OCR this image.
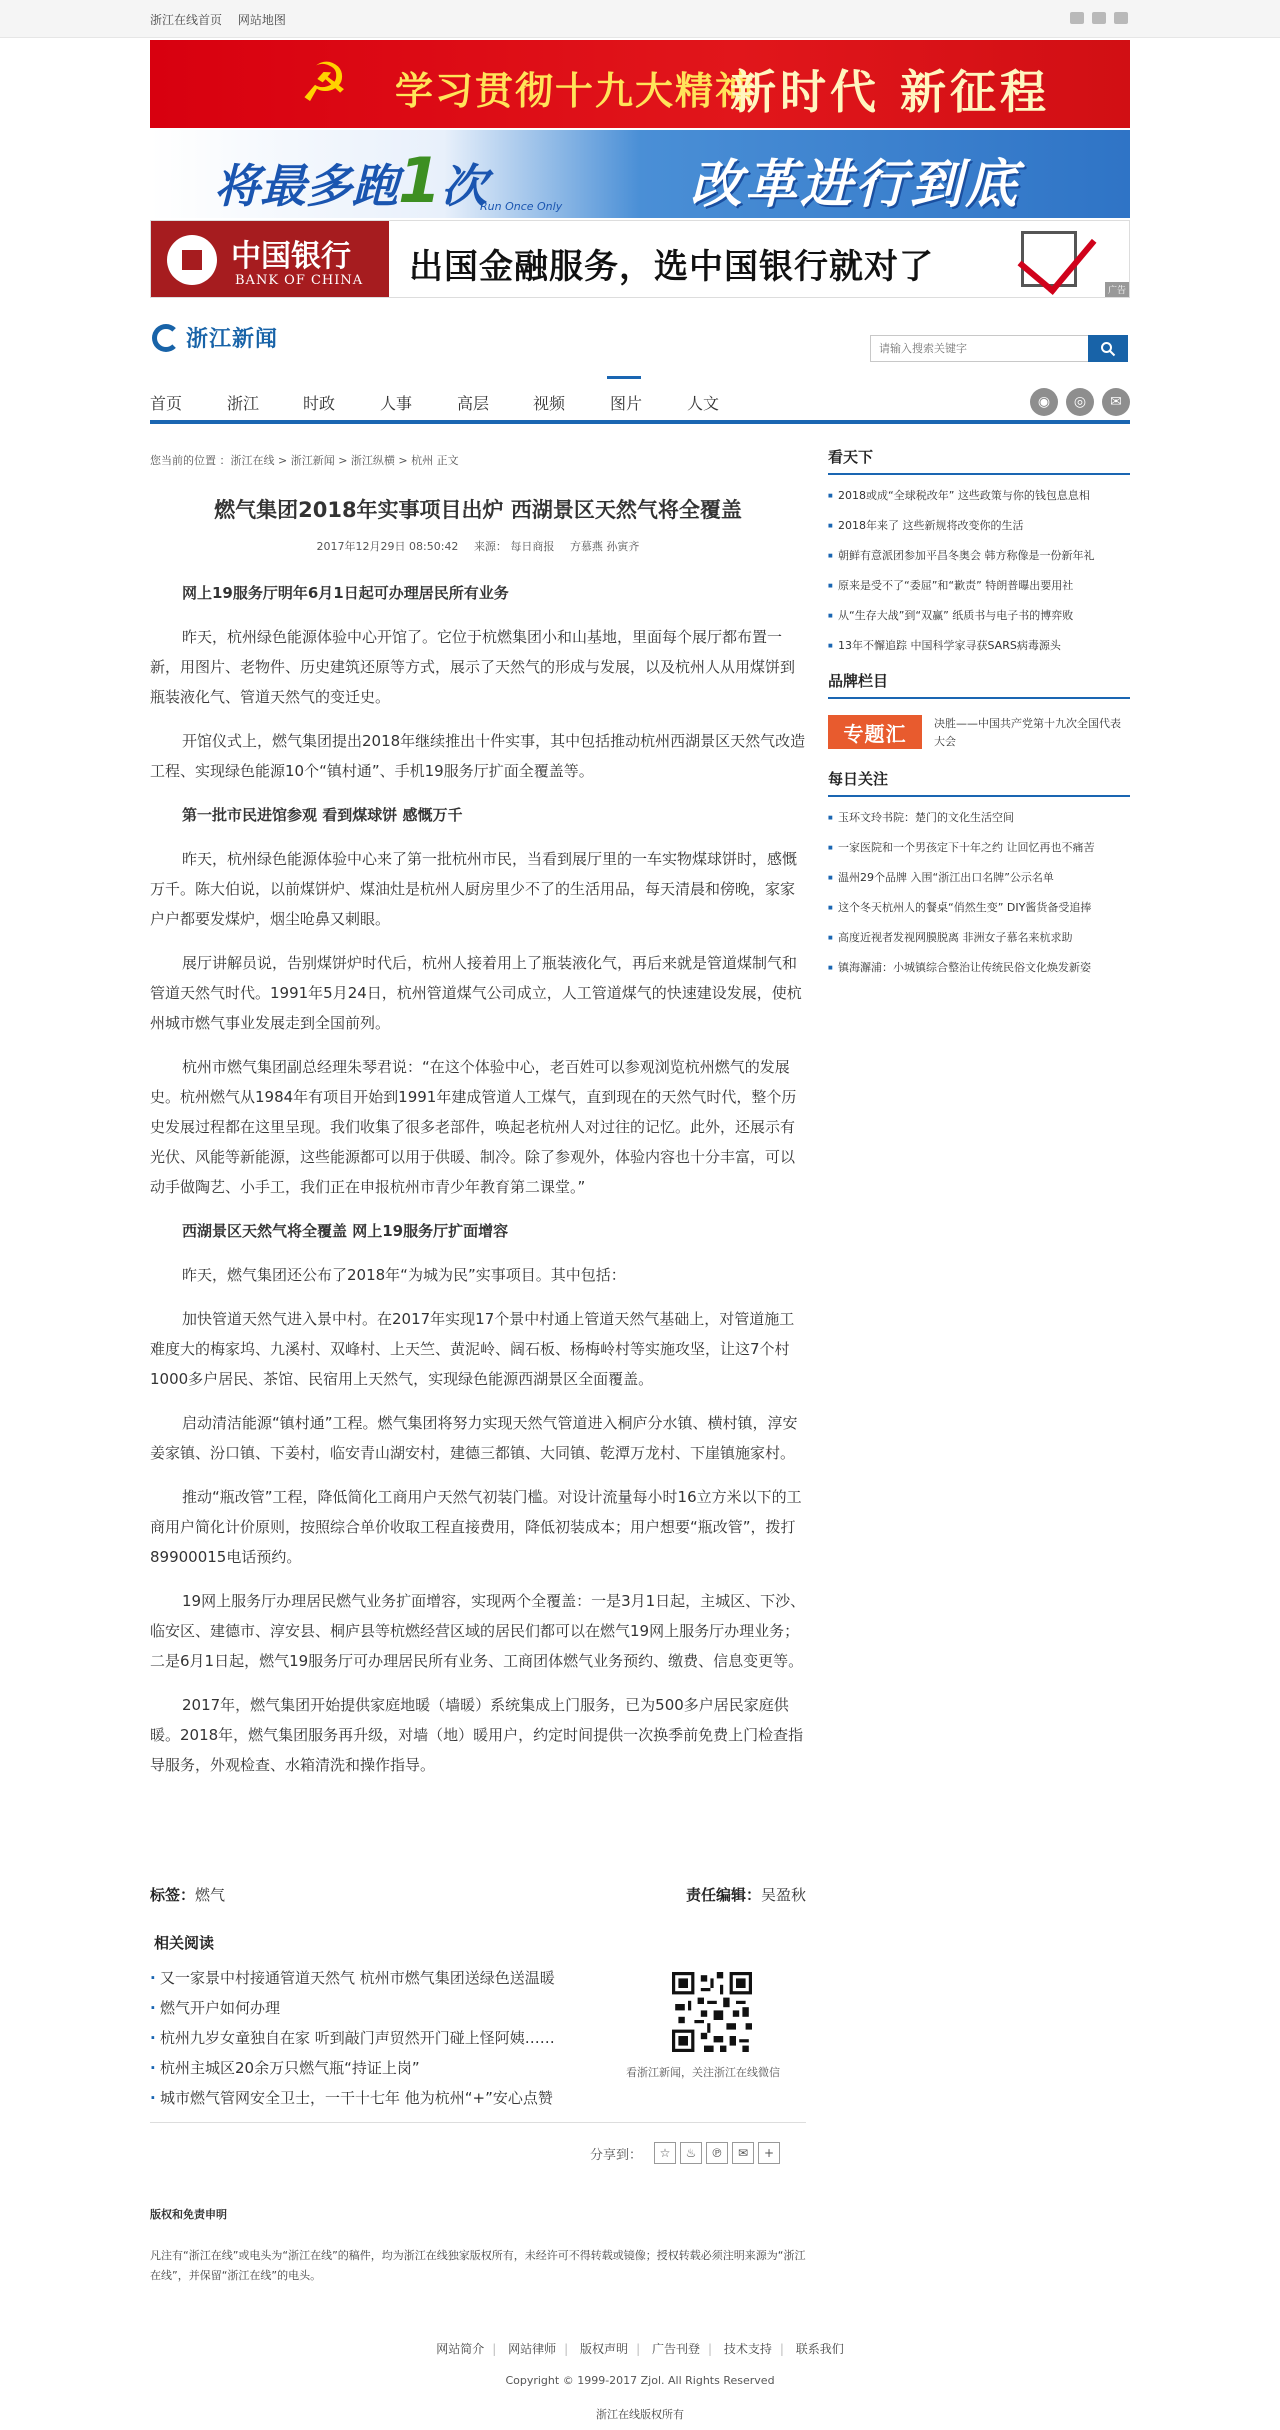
浙江在线首页 网站地图
☭ 学习贯彻十九大精神
新时代 新征程
将最多跑1次
Run Once Only 改革进行到底
中国银行
BANK OF CHINA 出国金融服务，选中国银行就对了
广告
浙江新闻
请输入搜索关键字
首页	浙江	时政	人事	高层	视频	图片	人文	◉	◎	✉
您当前的位置 ：浙江在线 > 浙江新闻 > 浙江纵横 > 杭州 正文
燃气集团2018年实事项目出炉 西湖景区天然气将全覆盖
2017年12月29日 08:50:42 来源： 每日商报 方慕燕 孙寅齐

网上19服务厅明年6月1日起可办理居民所有业务

昨天，杭州绿色能源体验中心开馆了。它位于杭燃集团小和山基地，里面每个展厅都布置一新，用图片、老物件、历史建筑还原等方式，展示了天然气的形成与发展，以及杭州人从用煤饼到瓶装液化气、管道天然气的变迁史。

开馆仪式上，燃气集团提出2018年继续推出十件实事，其中包括推动杭州西湖景区天然气改造工程、实现绿色能源10个“镇村通”、手机19服务厅扩面全覆盖等。

第一批市民进馆参观 看到煤球饼 感慨万千

昨天，杭州绿色能源体验中心来了第一批杭州市民，当看到展厅里的一车实物煤球饼时，感慨万千。陈大伯说，以前煤饼炉、煤油灶是杭州人厨房里少不了的生活用品，每天清晨和傍晚，家家户户都要发煤炉，烟尘呛鼻又刺眼。

展厅讲解员说，告别煤饼炉时代后，杭州人接着用上了瓶装液化气，再后来就是管道煤制气和管道天然气时代。1991年5月24日，杭州管道煤气公司成立，人工管道煤气的快速建设发展，使杭州城市燃气事业发展走到全国前列。

杭州市燃气集团副总经理朱琴君说：“在这个体验中心，老百姓可以参观浏览杭州燃气的发展史。杭州燃气从1984年有项目开始到1991年建成管道人工煤气，直到现在的天然气时代，整个历史发展过程都在这里呈现。我们收集了很多老部件，唤起老杭州人对过往的记忆。此外，还展示有光伏、风能等新能源，这些能源都可以用于供暖、制冷。除了参观外，体验内容也十分丰富，可以动手做陶艺、小手工，我们正在申报杭州市青少年教育第二课堂。”

西湖景区天然气将全覆盖 网上19服务厅扩面增容

昨天，燃气集团还公布了2018年“为城为民”实事项目。其中包括：

加快管道天然气进入景中村。在2017年实现17个景中村通上管道天然气基础上，对管道施工难度大的梅家坞、九溪村、双峰村、上天竺、黄泥岭、阔石板、杨梅岭村等实施攻坚，让这7个村1000多户居民、茶馆、民宿用上天然气，实现绿色能源西湖景区全面覆盖。

启动清洁能源“镇村通”工程。燃气集团将努力实现天然气管道进入桐庐分水镇、横村镇，淳安姜家镇、汾口镇、下姜村，临安青山湖安村，建德三都镇、大同镇、乾潭万龙村、下崖镇施家村。

推动“瓶改管”工程，降低简化工商用户天然气初装门槛。对设计流量每小时16立方米以下的工商用户简化计价原则，按照综合单价收取工程直接费用，降低初装成本；用户想要“瓶改管”，拨打89900015电话预约。

19网上服务厅办理居民燃气业务扩面增容，实现两个全覆盖：一是3月1日起，主城区、下沙、临安区、建德市、淳安县、桐庐县等杭燃经营区域的居民们都可以在燃气19网上服务厅办理业务；二是6月1日起，燃气19服务厅可办理居民所有业务、工商团体燃气业务预约、缴费、信息变更等。

2017年，燃气集团开始提供家庭地暖（墙暖）系统集成上门服务，已为500多户居民家庭供暖。2018年，燃气集团服务再升级，对墙（地）暖用户，约定时间提供一次换季前免费上门检查指导服务，外观检查、水箱清洗和操作指导。

标签：燃气	责任编辑：吴盈秋
相关阅读
· 又一家景中村接通管道天然气 杭州市燃气集团送绿色送温暖
· 燃气开户如何办理
· 杭州九岁女童独自在家 听到敲门声贸然开门碰上怪阿姨……
· 杭州主城区20余万只燃气瓶“持证上岗”
· 城市燃气管网安全卫士，一干十七年 他为杭州“+”安心点赞
看浙江新闻，关注浙江在线微信
分享到：	☆	♨	℗	✉	+
版权和免责申明
凡注有“浙江在线”或电头为“浙江在线”的稿件，均为浙江在线独家版权所有，未经许可不得转载或镜像；授权转载必须注明来源为“浙江在线”，并保留“浙江在线”的电头。
看天下
■ 2018或成“全球税改年” 这些政策与你的钱包息息相
■ 2018年来了 这些新规将改变你的生活
■ 朝鲜有意派团参加平昌冬奥会 韩方称像是一份新年礼
■ 原来是受不了“委屈”和“歉责” 特朗普曝出要用社
■ 从“生存大战”到“双赢” 纸质书与电子书的博弈败
■ 13年不懈追踪 中国科学家寻获SARS病毒源头
品牌栏目
专题汇	决胜——中国共产党第十九次全国代表大会
每日关注
■ 玉环文玲书院：楚门的文化生活空间
■ 一家医院和一个男孩定下十年之约 让回忆再也不痛苦
■ 温州29个品牌 入围“浙江出口名牌”公示名单
■ 这个冬天杭州人的餐桌“俏然生变” DIY酱货备受追捧
■ 高度近视者发视网膜脱离 非洲女子慕名来杭求助
■ 镇海澥浦：小城镇综合整治让传统民俗文化焕发新姿
网站简介 | 网站律师 | 版权声明 | 广告刊登 | 技术支持 | 联系我们
Copyright © 1999-2017 Zjol. All Rights Reserved
浙江在线版权所有
